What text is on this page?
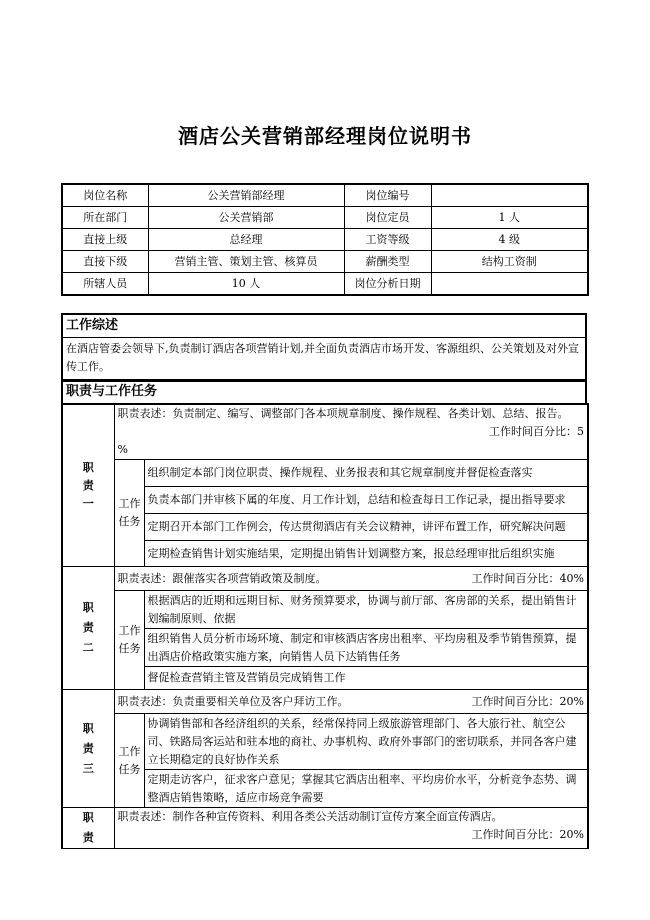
酒店公关营销部经理岗位说明书
岗位名称	公关营销部经理	岗位编号	
所在部门	公关营销部	岗位定员	1 人
直接上级	总经理	工资等级	4 级
直接下级	营销主管、策划主管、核算员	薪酬类型	结构工资制
所辖人员	10 人	岗位分析日期	
工作综述
在酒店管委会领导下,负责制订酒店各项营销计划,并全面负责酒店市场开发、客源组织、公关策划及对外宣传工作。
职责与工作任务
职责一	职责表述：负责制定、编写、调整部门各本项规章制度、操作规程、各类计划、总结、报告。
工作时间百分比：5
%	

	工作任务	组织制定本部门岗位职责、操作规程、业务报表和其它规章制度并督促检查落实
		负责本部门并审核下属的年度、月工作计划，总结和检查每日工作记录，提出指导要求
		定期召开本部门工作例会，传达贯彻酒店有关会议精神，讲评布置工作，研究解决问题
		定期检查销售计划实施结果，定期提出销售计划调整方案，报总经理审批后组织实施

职责二	职责表述：跟催落实各项营销政策及制度。 工作时间百分比：40%	

	工作任务	根据酒店的近期和远期目标、财务预算要求，协调与前厅部、客房部的关系，提出销售计划编制原则、依据
		组织销售人员分析市场环境、制定和审核酒店客房出租率、平均房租及季节销售预算，提出酒店价格政策实施方案，向销售人员下达销售任务
		督促检查营销主管及营销员完成销售工作

职责三	职责表述：负责重要相关单位及客户拜访工作。 工作时间百分比：20%	

	工作任务	协调销售部和各经济组织的关系，经常保持同上级旅游管理部门、各大旅行社、航空公司、铁路局客运站和驻本地的商社、办事机构、政府外事部门的密切联系，并同各客户建立长期稳定的良好协作关系
		定期走访客户，征求客户意见；掌握其它酒店出租率、平均房价水平，分析竞争态势、调整酒店销售策略，适应市场竞争需要

职责	职责表述：制作各种宣传资料、利用各类公关活动制订宣传方案全面宣传酒店。
工作时间百分比：20%	
